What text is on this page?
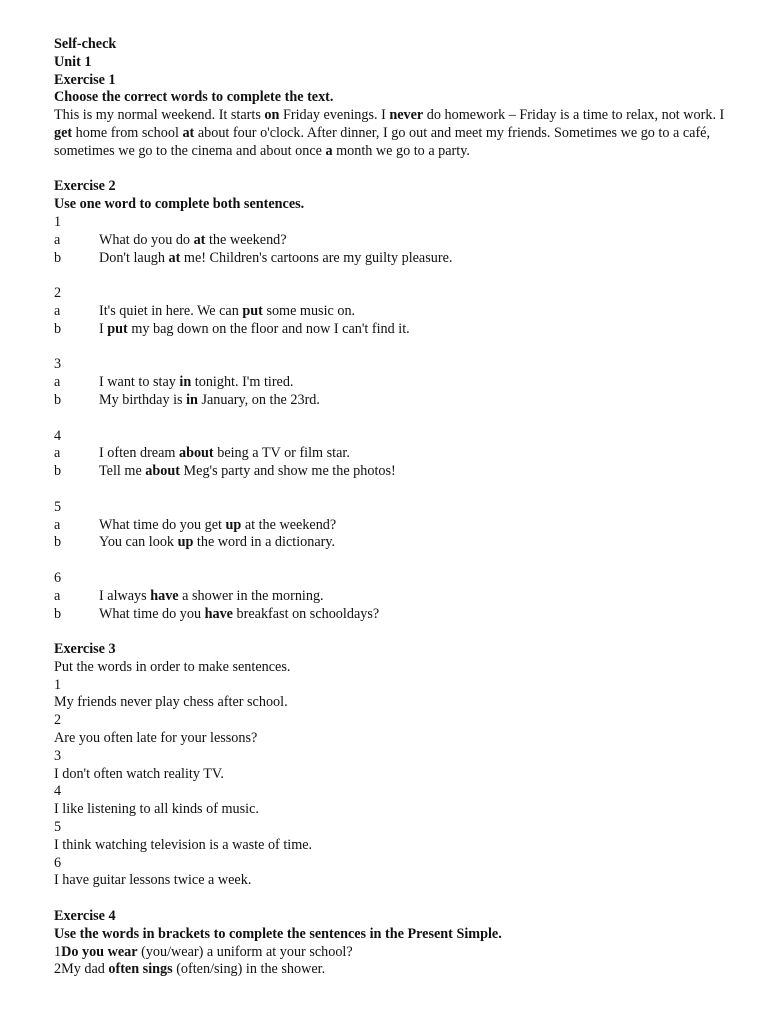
Self-check
Unit 1
Exercise 1
Choose the correct words to complete the text.
This is my normal weekend. It starts on Friday evenings. I never do homework – Friday is a time to relax, not work. I get home from school at about four o'clock. After dinner, I go out and meet my friends. Sometimes we go to a café, sometimes we go to the cinema and about once a month we go to a party.
Exercise 2
Use one word to complete both sentences.
1
a	What do you do at the weekend?
b	Don't laugh at me! Children's cartoons are my guilty pleasure.
2
a	It's quiet in here. We can put some music on.
b	I put my bag down on the floor and now I can't find it.
3
a	I want to stay in tonight. I'm tired.
b	My birthday is in January, on the 23rd.
4
a	I often dream about being a TV or film star.
b	Tell me about Meg's party and show me the photos!
5
a	What time do you get up at the weekend?
b	You can look up the word in a dictionary.
6
a	I always have a shower in the morning.
b	What time do you have breakfast on schooldays?
Exercise 3
Put the words in order to make sentences.
1
My friends never play chess after school.
2
Are you often late for your lessons?
3
I don't often watch reality TV.
4
I like listening to all kinds of music.
5
I think watching television is a waste of time.
6
I have guitar lessons twice a week.
Exercise 4
Use the words in brackets to complete the sentences in the Present Simple.
1Do you wear (you/wear) a uniform at your school?
2My dad often sings (often/sing) in the shower.
